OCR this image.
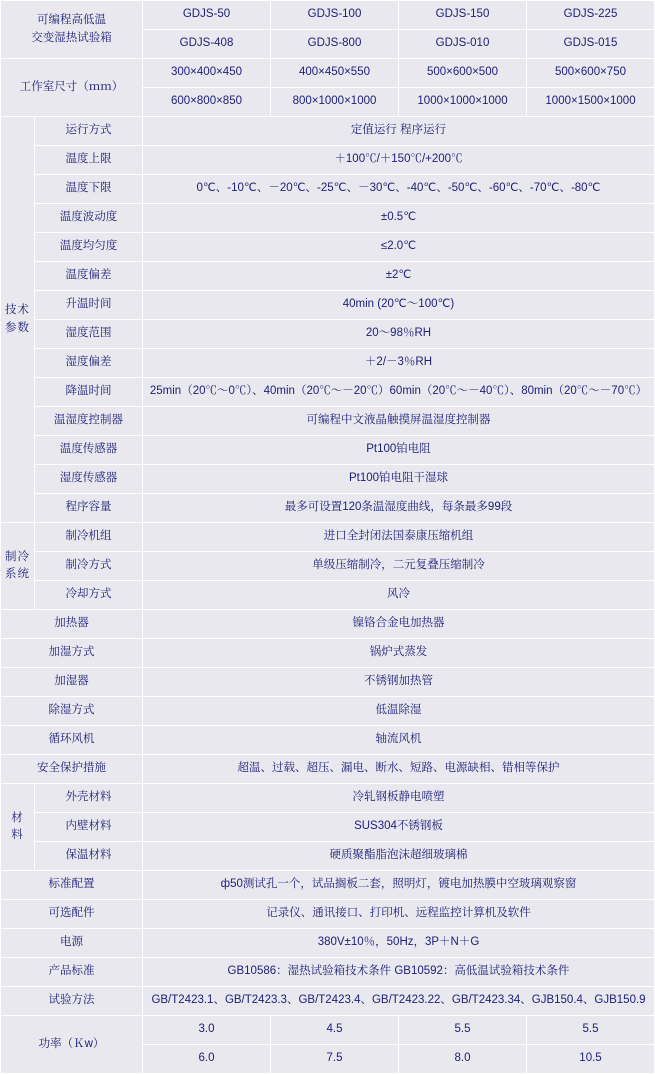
可编程高低温
交变湿热试验箱		GDJS-50	GDJS-100	GDJS-150	GDJS-225
		GDJS-408	GDJS-800	GDJS-010	GDJS-015
工作室尺寸（ｍｍ）		300×400×450	400×450×550	500×600×500	500×600×750
		600×800×850	800×1000×1000	1000×1000×1000	1000×1500×1000

技术
参数	运行方式	定值运行 程序运行			
	温度上限	＋100℃/＋150℃/+200℃			
	温度下限	0℃、-10℃、－20℃、-25℃、－30℃、-40℃、-50℃、-60℃、-70℃、-80℃			
	温度波动度	±0.5℃			
	温度均匀度	≤2.0℃			
	温度偏差	±2℃			
	升温时间	40min (20℃～100℃)			
	湿度范围	20～98％RH			
	湿度偏差	＋2/－3％RH			
	降温时间	25min（20℃～0℃）、40min（20℃～－20℃）60min（20℃～－40℃）、80min（20℃～－70℃）			
	温湿度控制器	可编程中文液晶触摸屏温湿度控制器			
	温度传感器	Pt100铂电阻			
	湿度传感器	Pt100铂电阻干湿球			
	程序容量	最多可设置120条温湿度曲线，每条最多99段			

制冷
系统	制冷机组	进口全封闭法国泰康压缩机组			
	制冷方式	单级压缩制冷，二元复叠压缩制冷			
	冷却方式	风冷			
加热器		镍铬合金电加热器			
加湿方式		锅炉式蒸发			
加湿器		不锈钢加热管			
除湿方式		低温除湿			
循环风机		轴流风机			
安全保护措施		超温、过载、超压、漏电、断水、短路、电源缺相、错相等保护			

材
料	外壳材料	冷轧钢板静电喷塑			
	内壁材料	SUS304不锈钢板			
	保温材料	硬质聚酯脂泡沫超细玻璃棉			
标准配置		ф50测试孔一个，试品搁板二套，照明灯，镀电加热膜中空玻璃观察窗			
可选配件		记录仪、通讯接口、打印机、远程监控计算机及软件			
电源		380V±10％，50Hz，3P＋N＋G			
产品标准		GB10586：湿热试验箱技术条件 GB10592：高低温试验箱技术条件			
试验方法		GB/T2423.1、GB/T2423.3、GB/T2423.4、GB/T2423.22、GB/T2423.34、GJB150.4、GJB150.9			
功率（Ｋw）		3.0	4.5	5.5	5.5
		6.0	7.5	8.0	10.5
